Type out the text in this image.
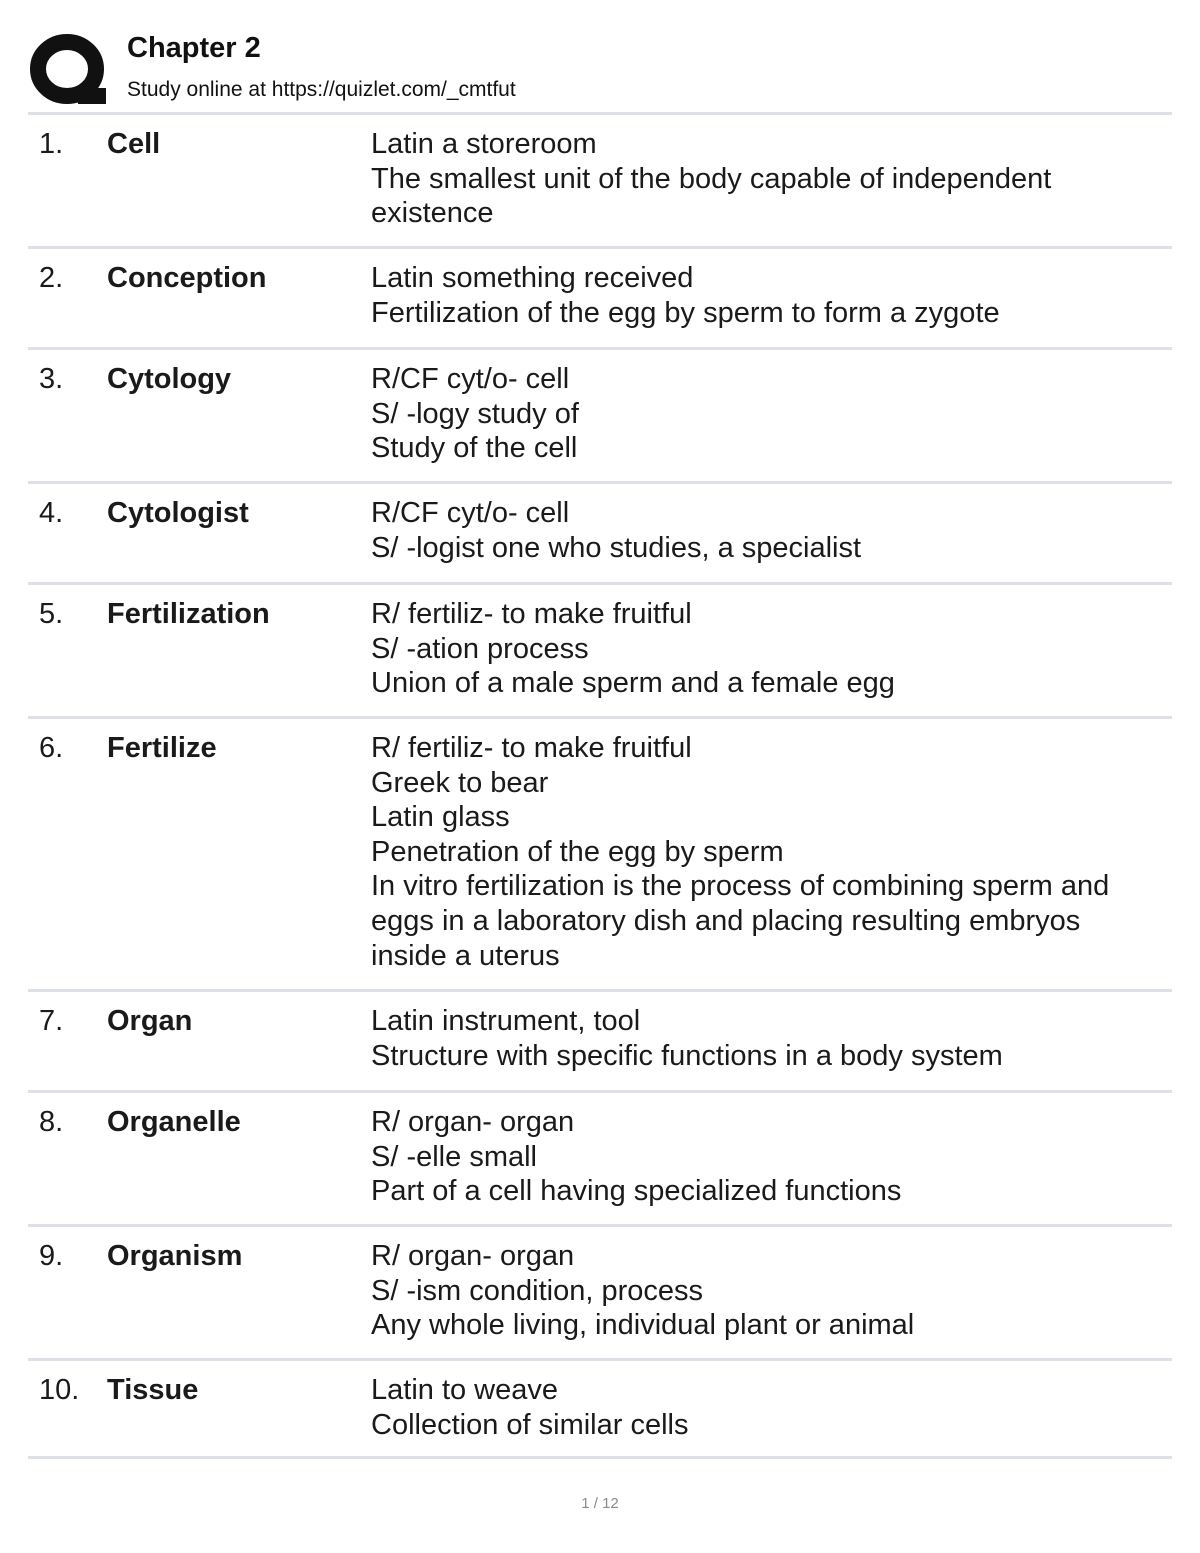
Chapter 2
Study online at https://quizlet.com/_cmtfut
1. Cell	Latin a storeroom
The smallest unit of the body capable of independent
existence
2. Conception	Latin something received
Fertilization of the egg by sperm to form a zygote
3. Cytology	R/CF cyt/o- cell
S/ -logy study of
Study of the cell
4. Cytologist	R/CF cyt/o- cell
S/ -logist one who studies, a specialist
5. Fertilization	R/ fertiliz- to make fruitful
S/ -ation process
Union of a male sperm and a female egg
6. Fertilize	R/ fertiliz- to make fruitful
Greek to bear
Latin glass
Penetration of the egg by sperm
In vitro fertilization is the process of combining sperm and
eggs in a laboratory dish and placing resulting embryos
inside a uterus
7. Organ	Latin instrument, tool
Structure with specific functions in a body system
8. Organelle	R/ organ- organ
S/ -elle small
Part of a cell having specialized functions
9. Organism	R/ organ- organ
S/ -ism condition, process
Any whole living, individual plant or animal
10. Tissue	Latin to weave
Collection of similar cells
1 / 12
